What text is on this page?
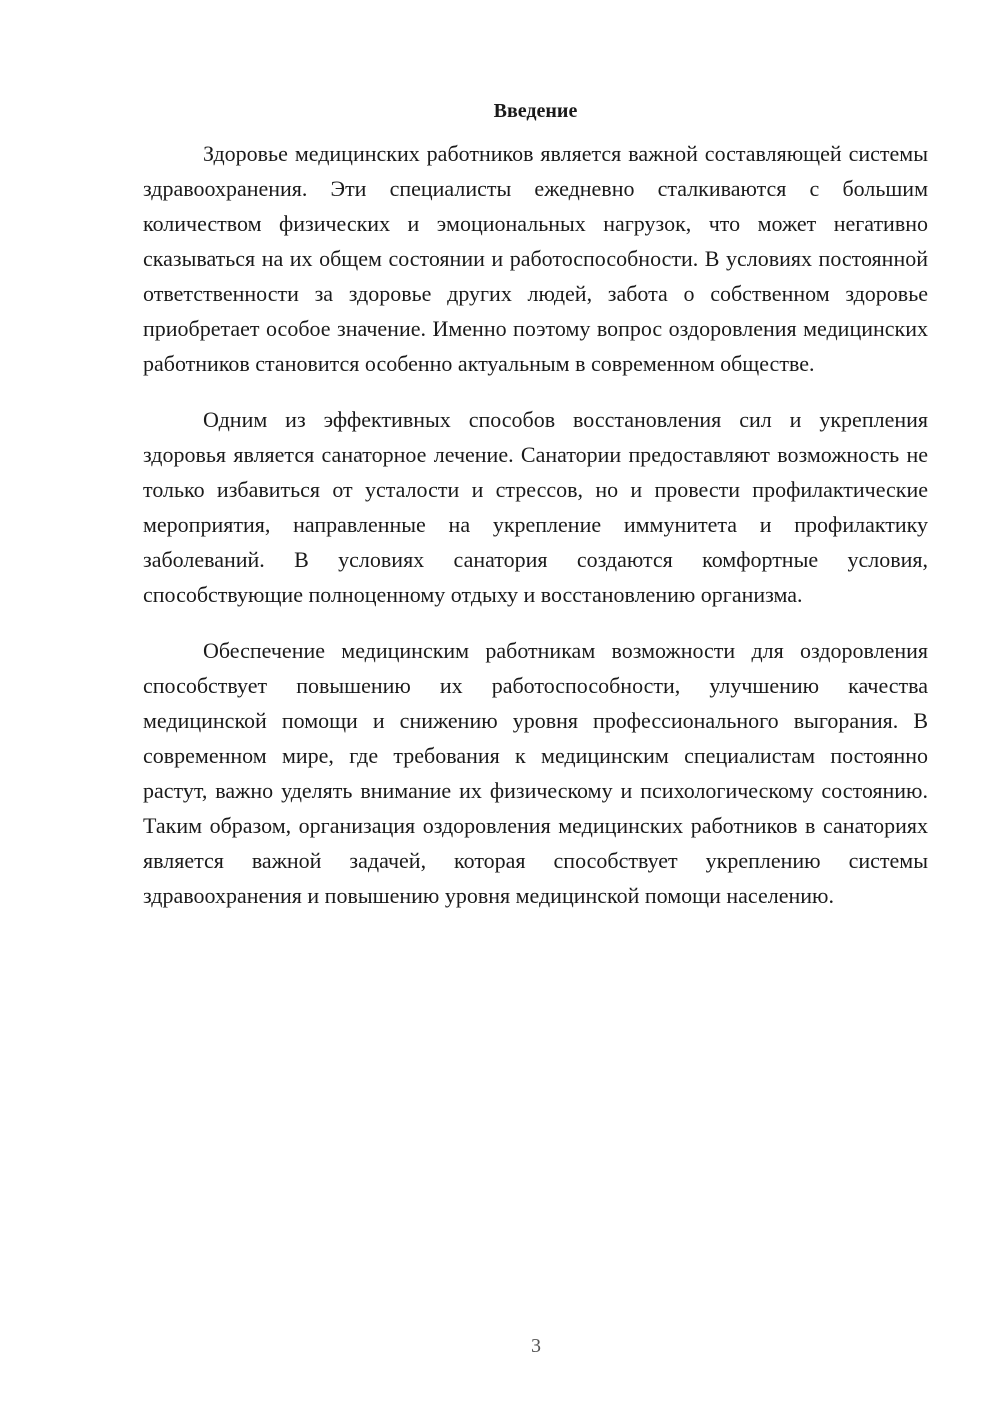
Введение

Здоровье медицинских работников является важной составляющей системы здравоохранения. Эти специалисты ежедневно сталкиваются с большим количеством физических и эмоциональных нагрузок, что может негативно сказываться на их общем состоянии и работоспособности. В условиях постоянной ответственности за здоровье других людей, забота о собственном здоровье приобретает особое значение. Именно поэтому вопрос оздоровления медицинских работников становится особенно актуальным в современном обществе.

Одним из эффективных способов восстановления сил и укрепления здоровья является санаторное лечение. Санатории предоставляют возможность не только избавиться от усталости и стрессов, но и провести профилактические мероприятия, направленные на укрепление иммунитета и профилактику заболеваний. В условиях санатория создаются комфортные условия, способствующие полноценному отдыху и восстановлению организма.

Обеспечение медицинским работникам возможности для оздоровления способствует повышению их работоспособности, улучшению качества медицинской помощи и снижению уровня профессионального выгорания. В современном мире, где требования к медицинским специалистам постоянно растут, важно уделять внимание их физическому и психологическому состоянию. Таким образом, организация оздоровления медицинских работников в санаториях является важной задачей, которая способствует укреплению системы здравоохранения и повышению уровня медицинской помощи населению.

3
